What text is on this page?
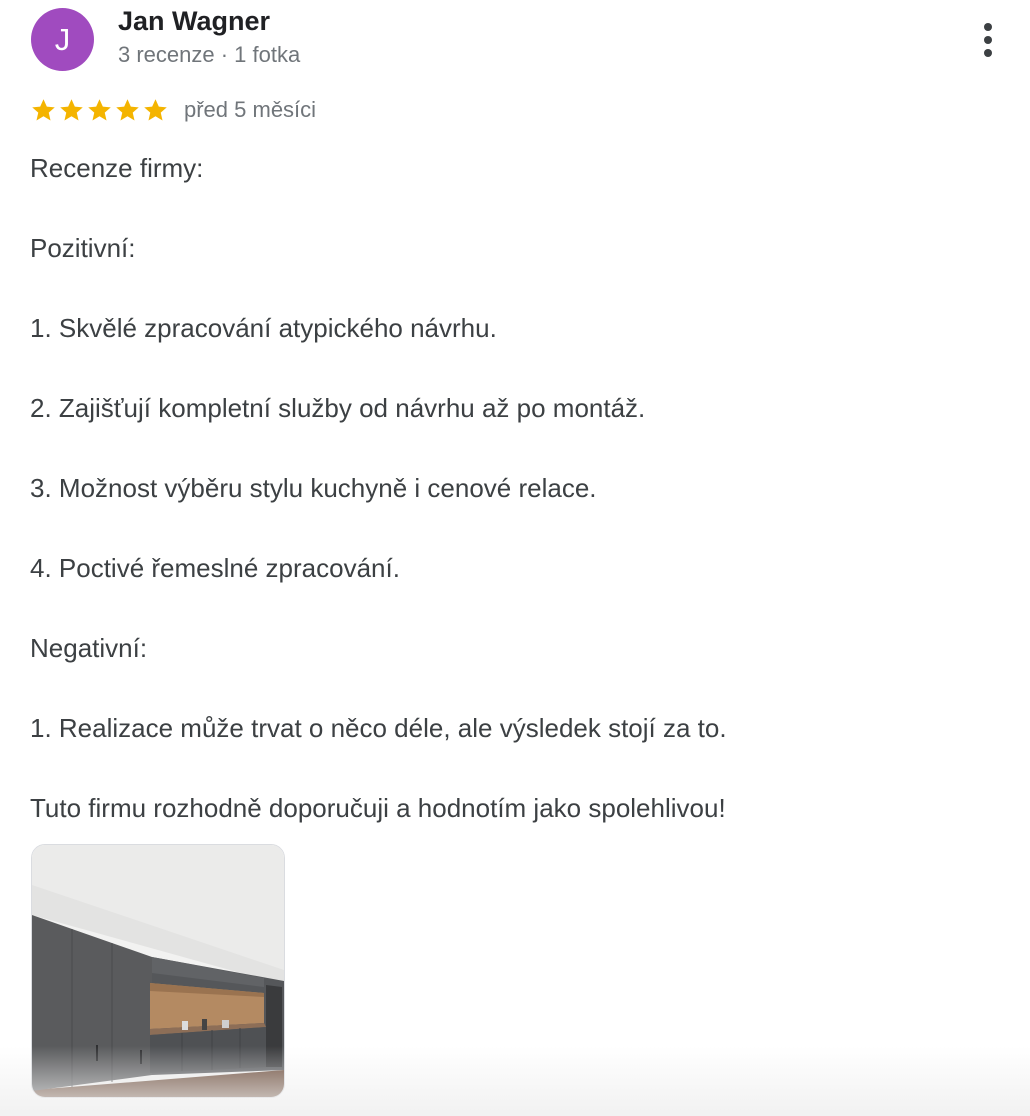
J
Jan Wagner
3 recenze · 1 fotka
před 5 měsíci
Recenze firmy:
Pozitivní:
1. Skvělé zpracování atypického návrhu.
2. Zajišťují kompletní služby od návrhu až po montáž.
3. Možnost výběru stylu kuchyně i cenové relace.
4. Poctivé řemeslné zpracování.
Negativní:
1. Realizace může trvat o něco déle, ale výsledek stojí za to.
Tuto firmu rozhodně doporučuji a hodnotím jako spolehlivou!
